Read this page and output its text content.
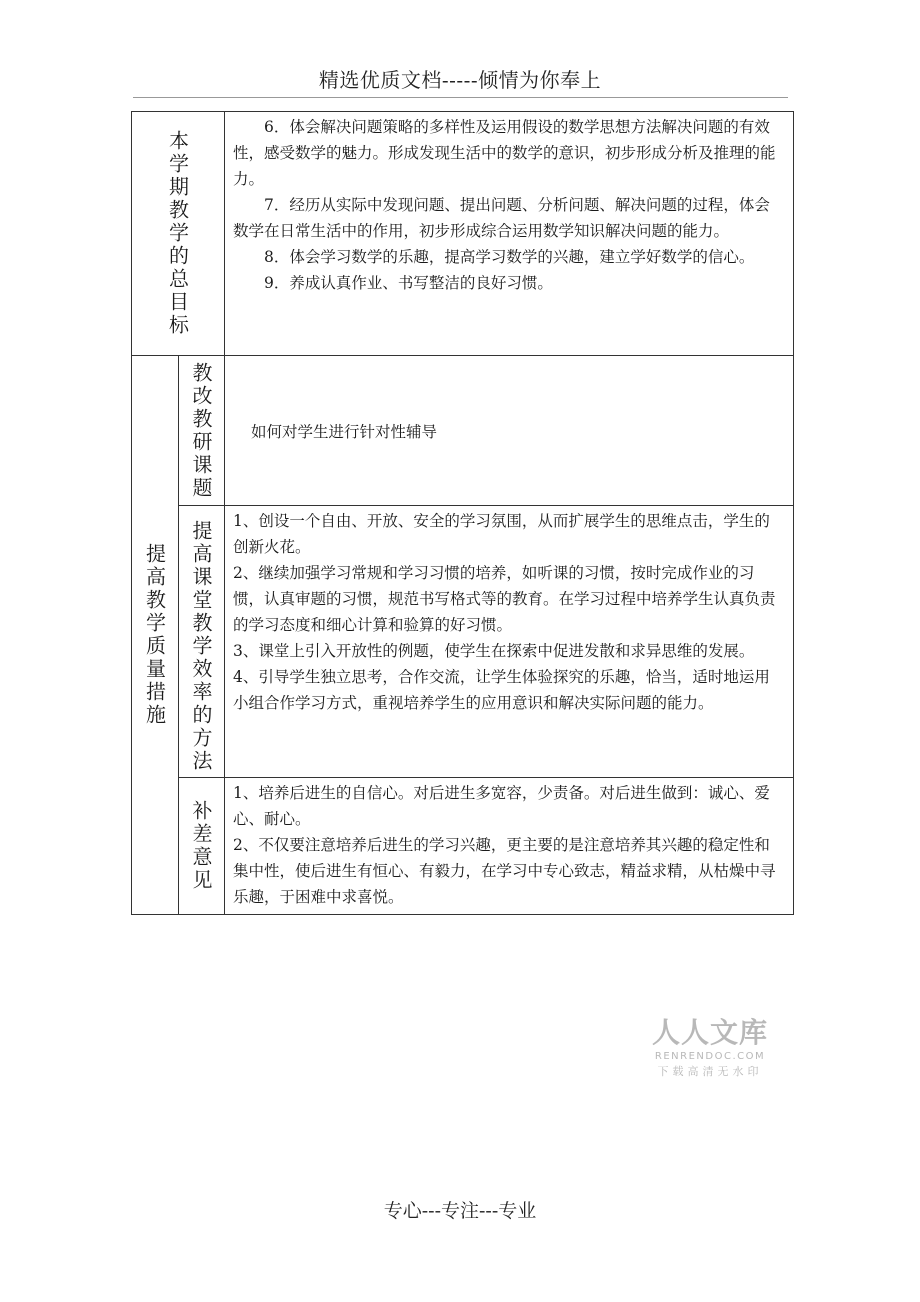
精选优质文档-----倾情为你奉上
本学期教学的总目标		6．体会解决问题策略的多样性及运用假设的数学思想方法解决问题的有效性，感受数学的魅力。形成发现生活中的数学的意识，初步形成分析及推理的能力。

7．经历从实际中发现问题、提出问题、分析问题、解决问题的过程，体会数学在日常生活中的作用，初步形成综合运用数学知识解决问题的能力。

8．体会学习数学的乐趣，提高学习数学的兴趣，建立学好数学的信心。

9．养成认真作业、书写整洁的良好习惯。

提高教学质量措施	教改教研课题	如何对学生进行针对性辅导

	提高课堂教学效率的方法	1、创设一个自由、开放、安全的学习氛围，从而扩展学生的思维点击，学生的创新火花。

2、继续加强学习常规和学习习惯的培养，如听课的习惯，按时完成作业的习惯，认真审题的习惯，规范书写格式等的教育。在学习过程中培养学生认真负责的学习态度和细心计算和验算的好习惯。

3、课堂上引入开放性的例题，使学生在探索中促进发散和求异思维的发展。

4、引导学生独立思考，合作交流，让学生体验探究的乐趣，恰当，适时地运用小组合作学习方式，重视培养学生的应用意识和解决实际问题的能力。

	补差意见	1、培养后进生的自信心。对后进生多宽容，少责备。对后进生做到：诚心、爱心、耐心。

2、不仅要注意培养后进生的学习兴趣，更主要的是注意培养其兴趣的稳定性和集中性，使后进生有恒心、有毅力，在学习中专心致志，精益求精，从枯燥中寻乐趣，于困难中求喜悦。

人人文库
RENRENDOC.COM
下载高清无水印
专心---专注---专业
